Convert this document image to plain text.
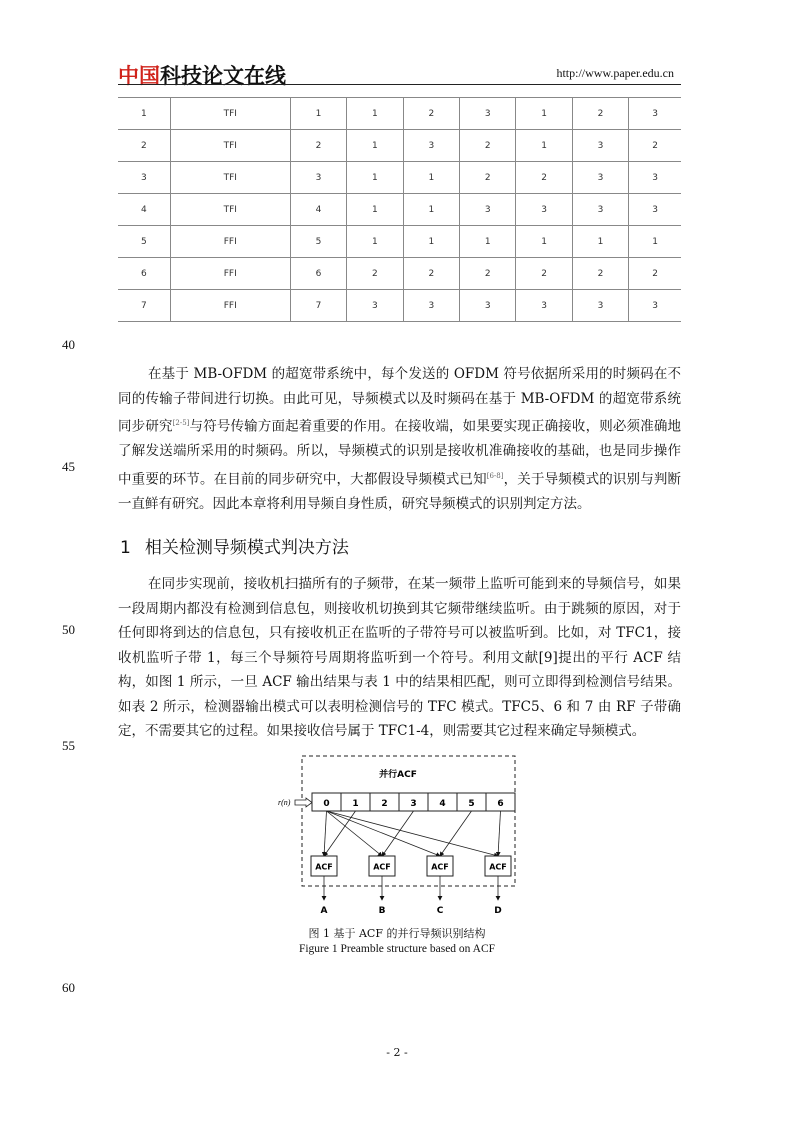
中国科技论文在线	http://www.paper.edu.cn
1	TFI	1	1	2	3	1	2	3
2	TFI	2	1	3	2	1	3	2
3	TFI	3	1	1	2	2	3	3
4	TFI	4	1	1	3	3	3	3
5	FFI	5	1	1	1	1	1	1
6	FFI	6	2	2	2	2	2	2
7	FFI	7	3	3	3	3	3	3
40
45
50
55
60
在基于 MB-OFDM 的超宽带系统中，每个发送的 OFDM 符号依据所采用的时频码在不同的传输子带间进行切换。由此可见，导频模式以及时频码在基于 MB-OFDM 的超宽带系统同步研究[2-5]与符号传输方面起着重要的作用。在接收端，如果要实现正确接收，则必须准确地了解发送端所采用的时频码。所以，导频模式的识别是接收机准确接收的基础，也是同步操作中重要的环节。在目前的同步研究中，大都假设导频模式已知[6-8]，关于导频模式的识别与判断一直鲜有研究。因此本章将利用导频自身性质，研究导频模式的识别判定方法。
1 相关检测导频模式判决方法
在同步实现前，接收机扫描所有的子频带，在某一频带上监听可能到来的导频信号，如果一段周期内都没有检测到信息包，则接收机切换到其它频带继续监听。由于跳频的原因，对于任何即将到达的信息包，只有接收机正在监听的子带符号可以被监听到。比如，对 TFC1，接收机监听子带 1，每三个导频符号周期将监听到一个符号。利用文献[9]提出的平行 ACF 结构，如图 1 所示，一旦 ACF 输出结果与表 1 中的结果相匹配，则可立即得到检测信号结果。如表 2 所示，检测器输出模式可以表明检测信号的 TFC 模式。TFC5、6 和 7 由 RF 子带确定，不需要其它的过程。如果接收信号属于 TFC1-4，则需要其它过程来确定导频模式。
并行ACF
r(n)	0	1	2	3	4	5	6
ACF	ACF	ACF	ACF
A	B	C	D
图 1 基于 ACF 的并行导频识别结构
Figure 1 Preamble structure based on ACF
- 2 -
